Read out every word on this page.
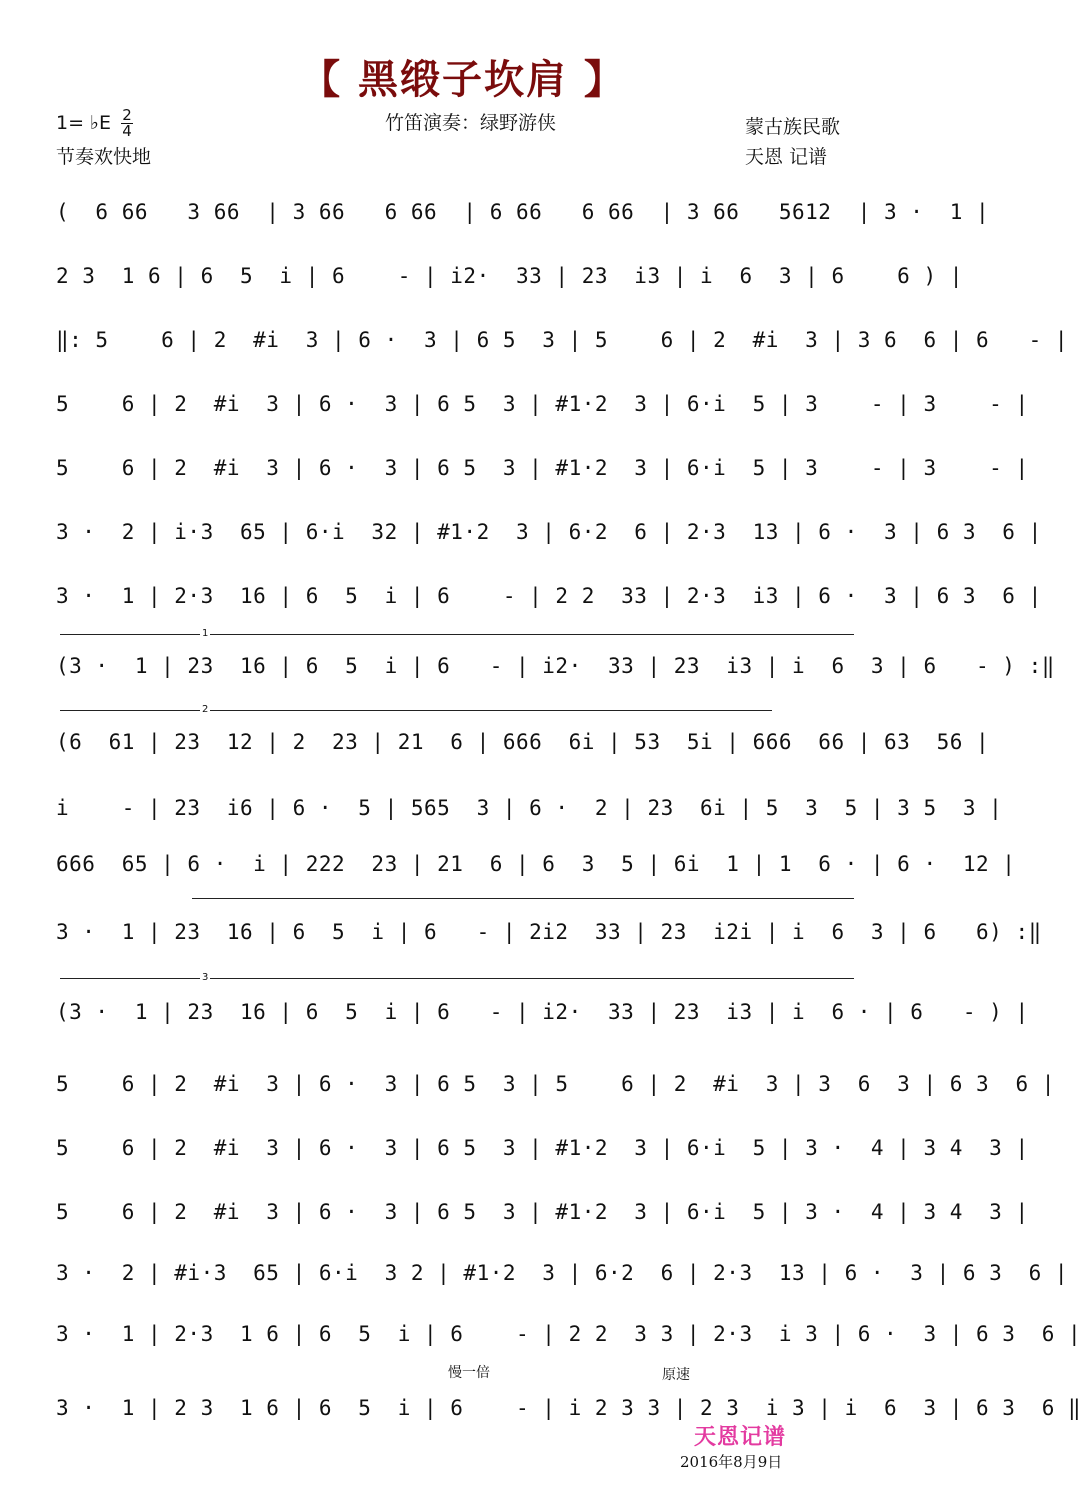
【 黑缎子坎肩 】
1= ♭E $\frac{2}{4}$
节奏欢快地
竹笛演奏：绿野游侠	蒙古族民歌
天恩 记谱
(  6 66   3 66  | 3 66   6 66  | 6 66   6 66  | 3 66   5612  | 3 ·  1 |
2 3  1 6 | 6  5  i | 6    - | i2·  33 | 23  i3 | i  6  3 | 6    6 ) |
‖: 5    6 | 2  #i  3 | 6 ·  3 | 6 5  3 | 5    6 | 2  #i  3 | 3 6  6 | 6   - |
5    6 | 2  #i  3 | 6 ·  3 | 6 5  3 | #1·2  3 | 6·i  5 | 3    - | 3    - |
5    6 | 2  #i  3 | 6 ·  3 | 6 5  3 | #1·2  3 | 6·i  5 | 3    - | 3    - |
3 ·  2 | i·3  65 | 6·i  32 | #1·2  3 | 6·2  6 | 2·3  13 | 6 ·  3 | 6 3  6 |
3 ·  1 | 2·3  16 | 6  5  i | 6    - | 2 2  33 | 2·3  i3 | 6 ·  3 | 6 3  6 |
1
(3 ·  1 | 23  16 | 6  5  i | 6   - | i2·  33 | 23  i3 | i  6  3 | 6   - ) :‖
2
(6  61 | 23  12 | 2  23 | 21  6 | 666  6i | 53  5i | 666  66 | 63  56 |
i    - | 23  i6 | 6 ·  5 | 565  3 | 6 ·  2 | 23  6i | 5  3  5 | 3 5  3 |
666  65 | 6 ·  i | 222  23 | 21  6 | 6  3  5 | 6i  1 | 1  6 · | 6 ·  12 |
3 ·  1 | 23  16 | 6  5  i | 6   - | 2i2  33 | 23  i2i | i  6  3 | 6   6) :‖
3
(3 ·  1 | 23  16 | 6  5  i | 6   - | i2·  33 | 23  i3 | i  6 · | 6   - ) |
5    6 | 2  #i  3 | 6 ·  3 | 6 5  3 | 5    6 | 2  #i  3 | 3  6  3 | 6 3  6 |
5    6 | 2  #i  3 | 6 ·  3 | 6 5  3 | #1·2  3 | 6·i  5 | 3 ·  4 | 3 4  3 |
5    6 | 2  #i  3 | 6 ·  3 | 6 5  3 | #1·2  3 | 6·i  5 | 3 ·  4 | 3 4  3 |
3 ·  2 | #i·3  65 | 6·i  3 2 | #1·2  3 | 6·2  6 | 2·3  13 | 6 ·  3 | 6 3  6 |
3 ·  1 | 2·3  1 6 | 6  5  i | 6    - | 2 2  3 3 | 2·3  i 3 | 6 ·  3 | 6 3  6 |
慢一倍	原速
3 ·  1 | 2 3  1 6 | 6  5  i | 6    - | i 2 3 3 | 2 3  i 3 | i  6  3 | 6 3  6 ‖
天恩记谱
2016年8月9日
